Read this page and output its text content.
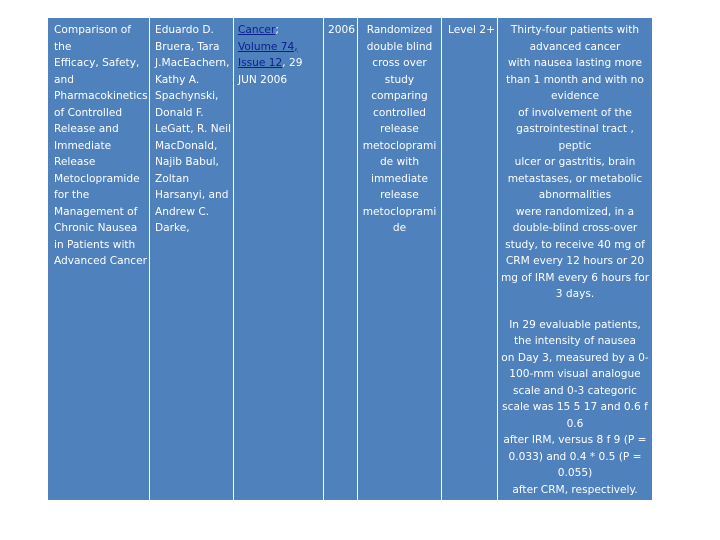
Comparison of the
Efficacy, Safety,
and
Pharmacokinetics
of Controlled
Release and
Immediate
Release
Metoclopramide
for the
Management of
Chronic Nausea
in Patients with
Advanced Cancer
Eduardo D.
Bruera, Tara
J.MacEachern,
Kathy A.
Spachynski,
Donald F.
LeGatt, R. Neil
MacDonald,
Najib Babul,
Zoltan
Harsanyi, and
Andrew C.
Darke,
Cancer;
Volume 74,
Issue 12, 29
JUN 2006
2006	Randomized
double blind
cross over
study
comparing
controlled
release
metocloprami
de with
immediate
release
metocloprami
de
Level 2+	Thirty-four patients with
advanced cancer
with nausea lasting more
than 1 month and with no
evidence
of involvement of the
gastrointestinal tract ,
peptic
ulcer or gastritis, brain
metastases, or metabolic
abnormalities
were randomized, in a
double-blind cross-over
study, to receive 40 mg of
CRM every 12 hours or 20
mg of IRM every 6 hours for
3 days.
In 29 evaluable patients,
the intensity of nausea
on Day 3, measured by a 0-
100-mm visual analogue
scale and 0-3 categoric
scale was 15 5 17 and 0.6 f
0.6
after IRM, versus 8 f 9 (P =
0.033) and 0.4 * 0.5 (P =
0.055)
after CRM, respectively.
